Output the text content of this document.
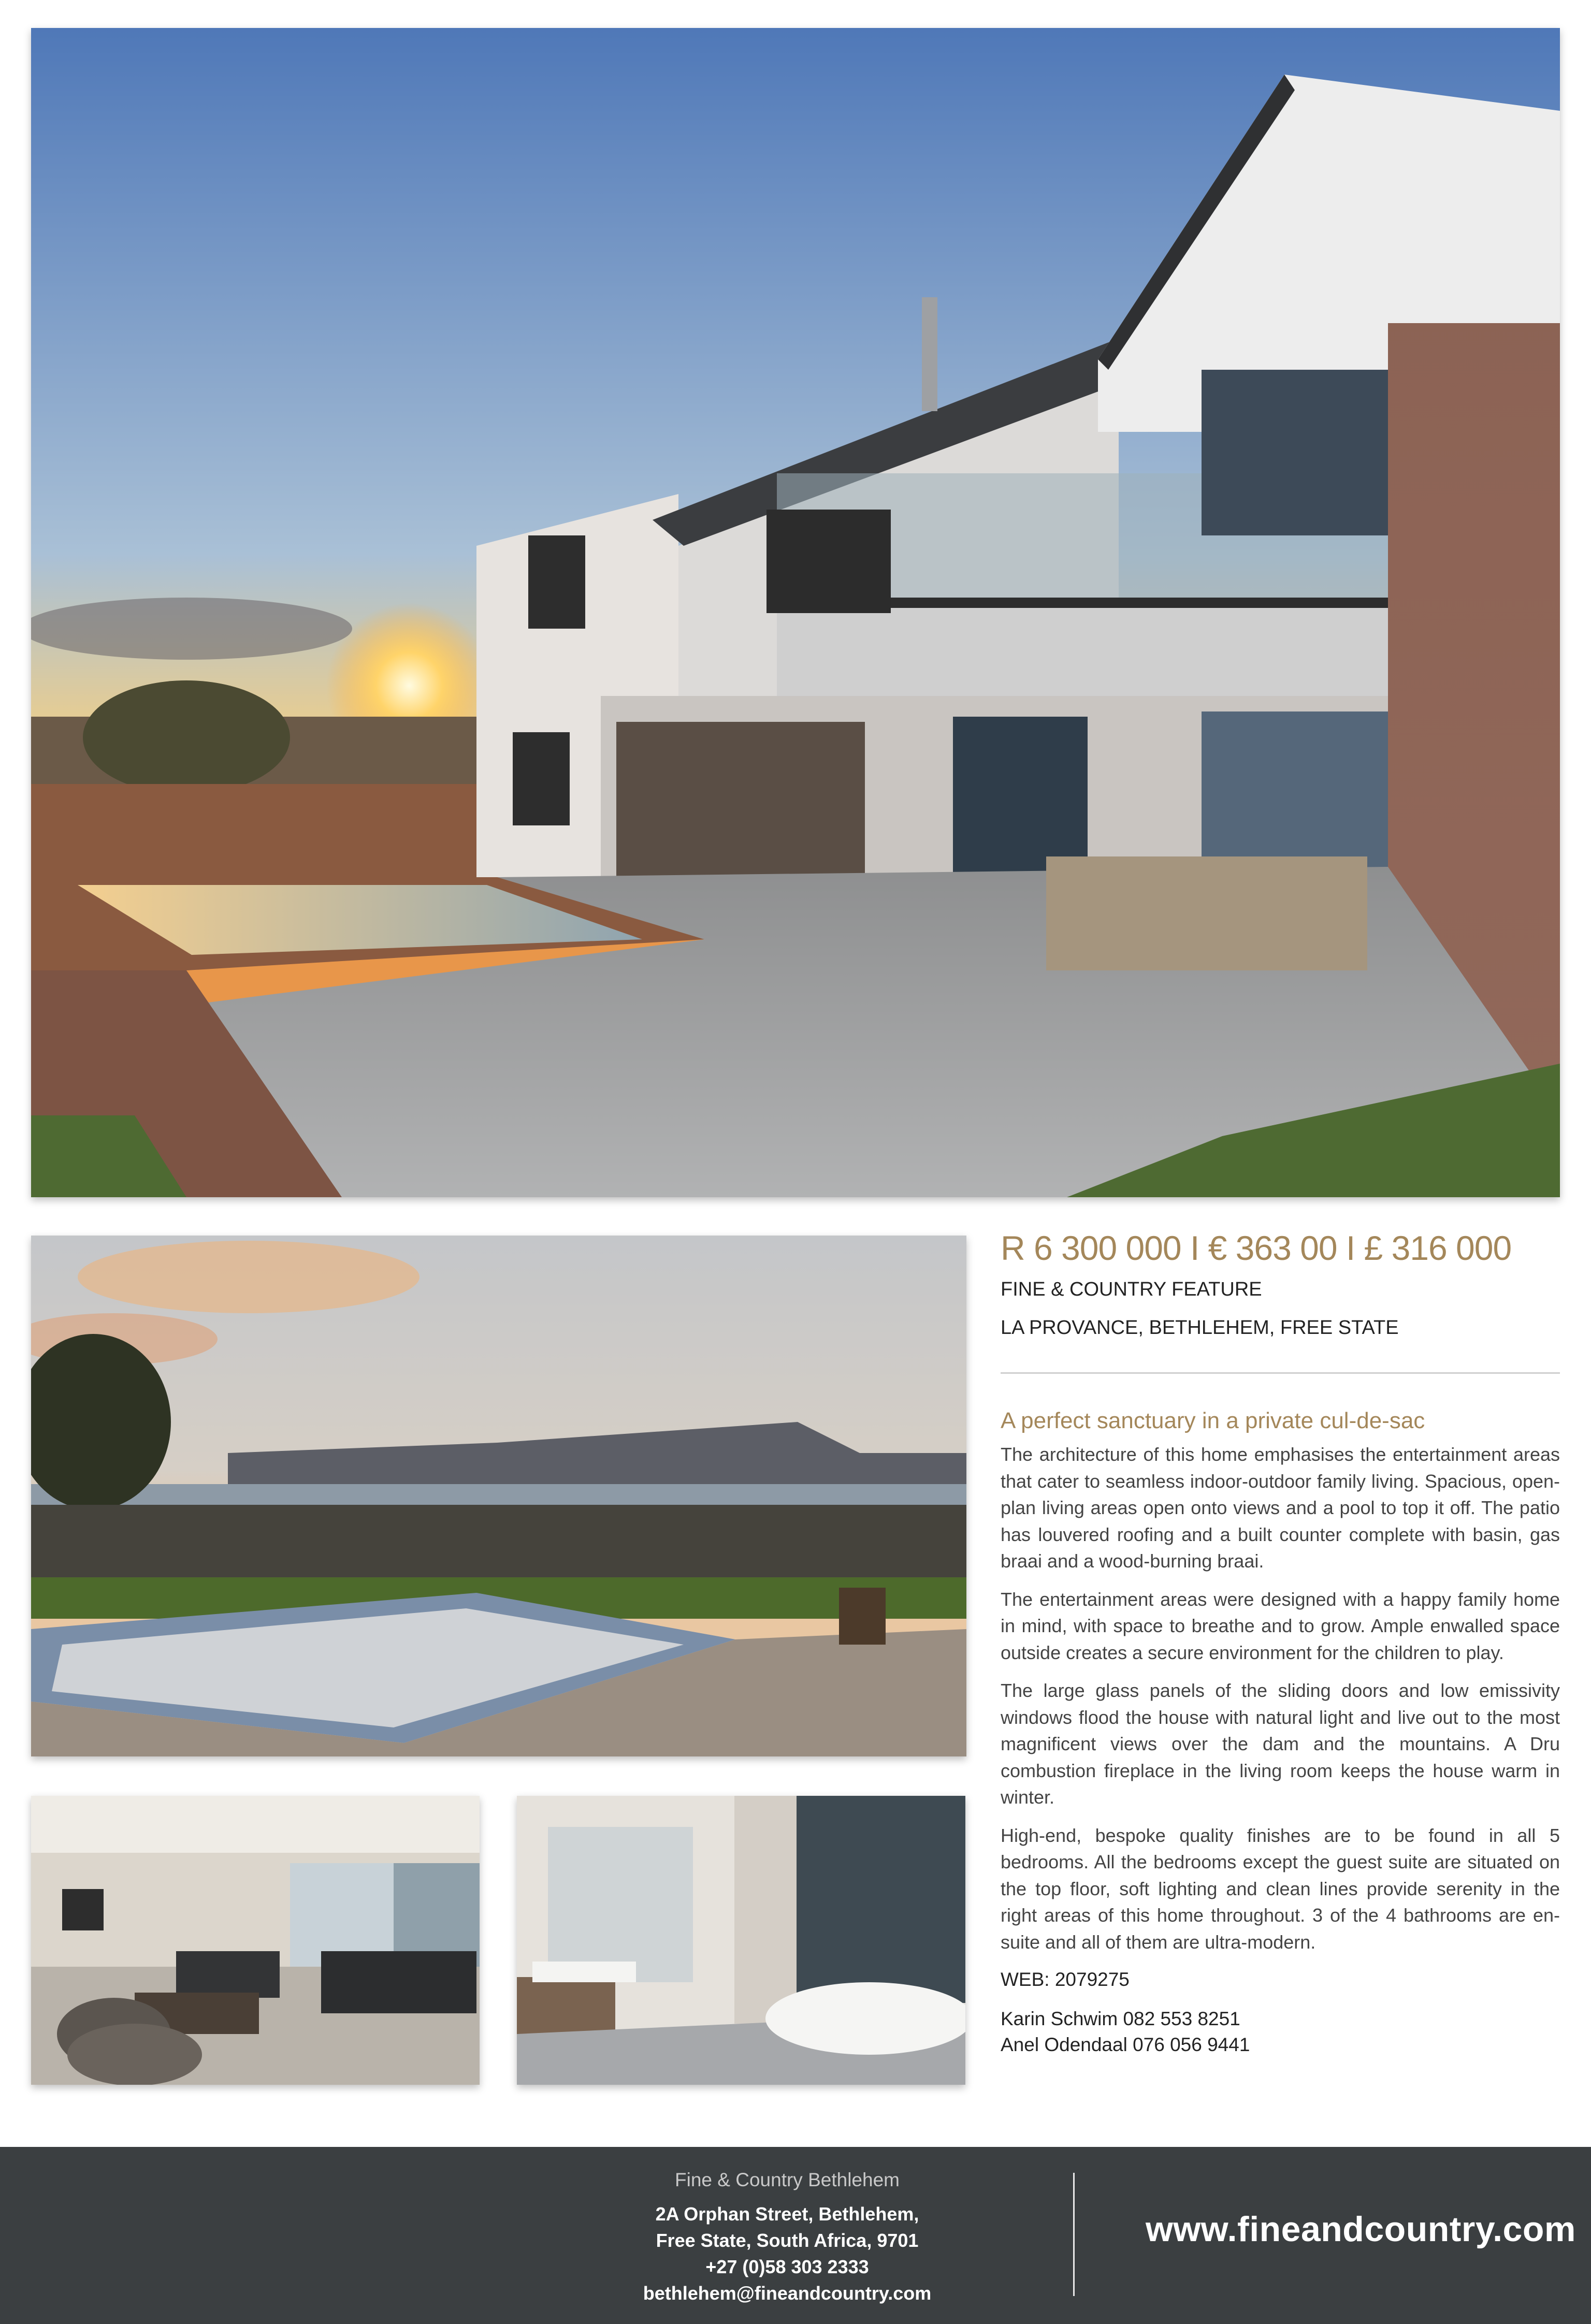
R 6 300 000 I € 363 00 I £ 316 000
FINE & COUNTRY FEATURE
LA PROVANCE, BETHLEHEM, FREE STATE
A perfect sanctuary in a private cul-de-sac

The architecture of this home emphasises the entertainment areas that cater to seamless indoor-outdoor family living. Spacious, open-plan living areas open onto views and a pool to top it off. The patio has louvered roofing and a built counter complete with basin, gas braai and a wood-burning braai.

The entertainment areas were designed with a happy family home in mind, with space to breathe and to grow. Ample enwalled space outside creates a secure environment for the children to play.

The large glass panels of the sliding doors and low emissivity windows flood the house with natural light and live out to the most magnificent views over the dam and the mountains. A Dru combustion fireplace in the living room keeps the house warm in winter.

High-end, bespoke quality finishes are to be found in all 5 bedrooms. All the bedrooms except the guest suite are situated on the top floor, soft lighting and clean lines provide serenity in the right areas of this home throughout. 3 of the 4 bathrooms are en-suite and all of them are ultra-modern.

WEB: 2079275
Karin Schwim 082 553 8251
Anel Odendaal 076 056 9441
Fine & Country Bethlehem
2A Orphan Street, Bethlehem,
Free State, South Africa, 9701
+27 (0)58 303 2333
bethlehem@fineandcountry.com
www.fineandcountry.com
